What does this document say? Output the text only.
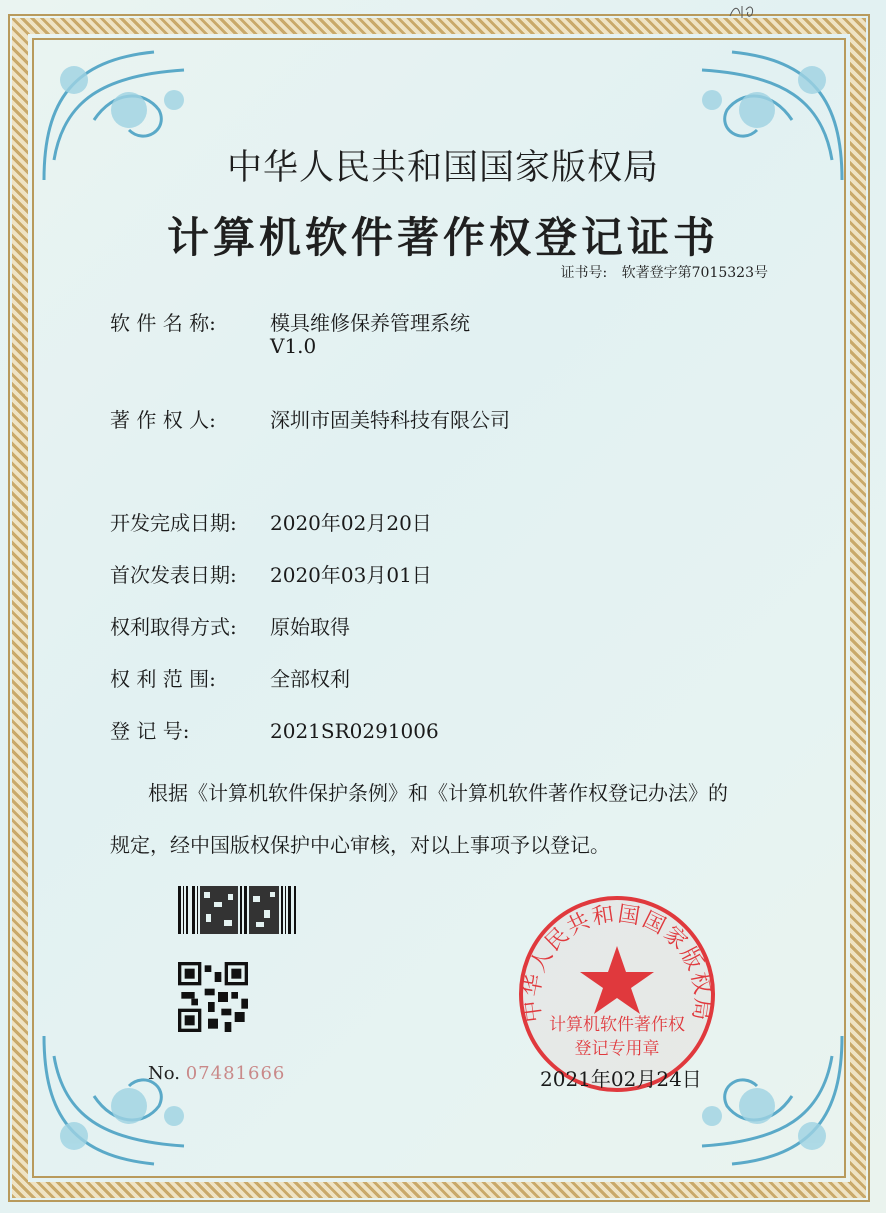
中华人民共和国国家版权局
计算机软件著作权登记证书
证书号: 软著登字第7015323号
软 件 名 称:	模具维修保养管理系统
V1.0
著 作 权 人:	深圳市固美特科技有限公司
开发完成日期: 2020年02月20日
首次发表日期: 2020年03月01日
权利取得方式: 原始取得
权 利 范 围:	全部权利
登 记 号:	2021SR0291006
根据《计算机软件保护条例》和《计算机软件著作权登记办法》的
规定，经中国版权保护中心审核，对以上事项予以登记。
No. 07481666
中华人民共和国国家版权局
计算机软件著作权
登记专用章
2021年02月24日
